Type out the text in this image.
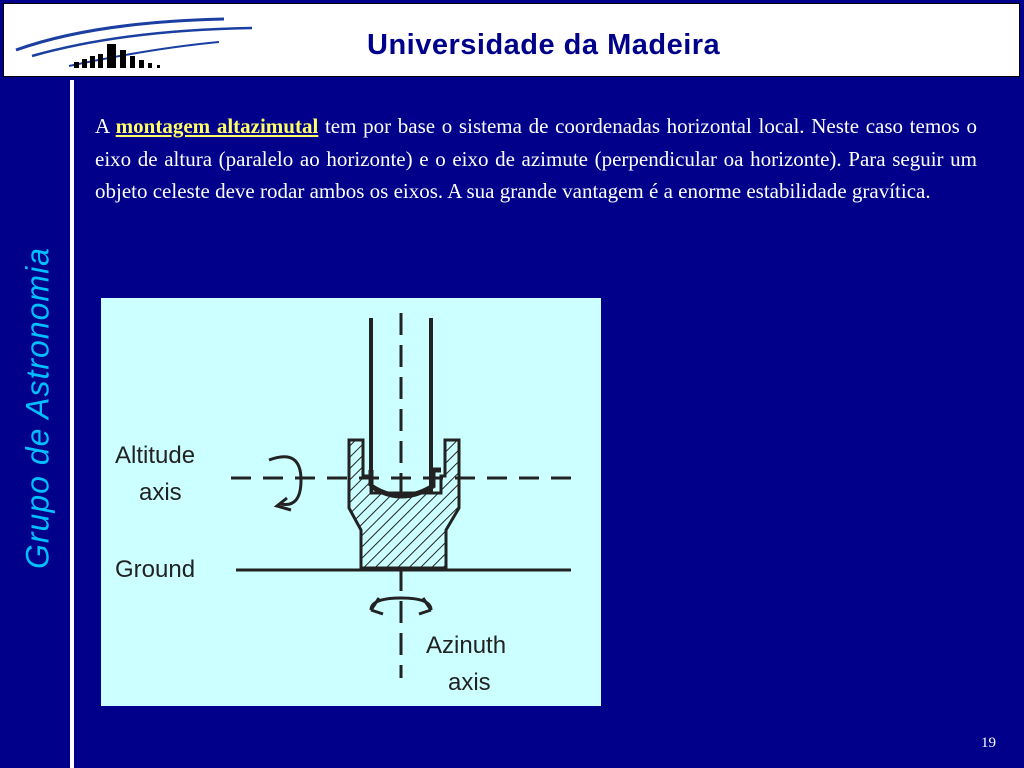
Universidade da Madeira
Grupo de Astronomia
A montagem altazimutal tem por base o sistema de coordenadas horizontal local. Neste caso temos o eixo de altura (paralelo ao horizonte) e o eixo de azimute (perpendicular oa horizonte). Para seguir um objeto celeste deve rodar ambos os eixos. A sua grande vantagem é a enorme estabilidade gravítica.
Altitude
axis
Ground
Azinuth
axis
19
